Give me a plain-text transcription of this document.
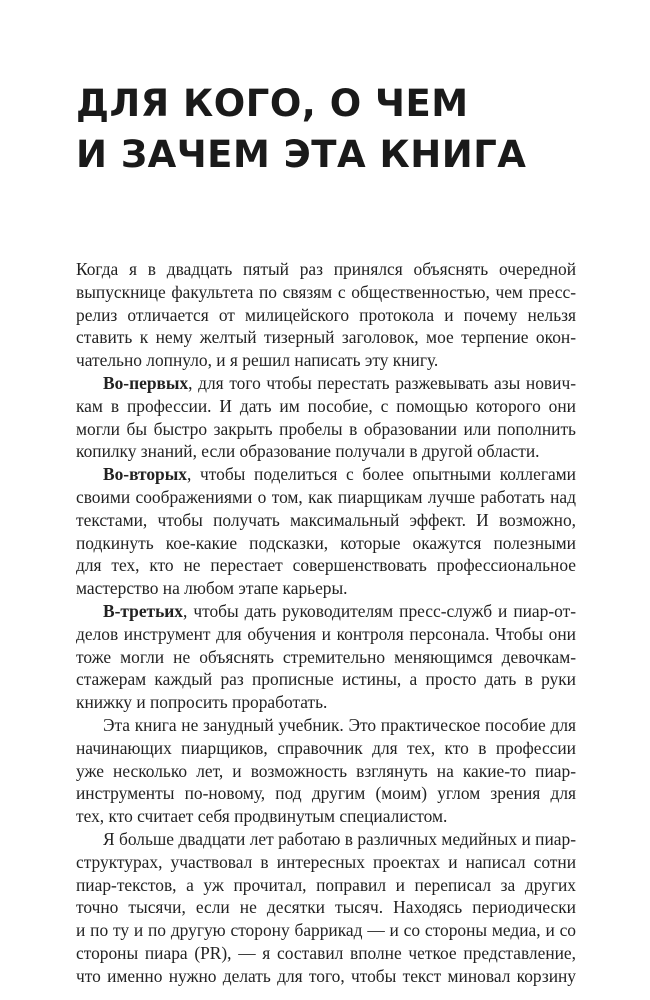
ДЛЯ КОГО, О ЧЕМ
И ЗАЧЕМ ЭТА КНИГА

Когда я в двадцать пятый раз принялся объяснять очередной
выпускнице факультета по связям с общественностью, чем пресс-
релиз отличается от милицейского протокола и почему нельзя
ставить к нему желтый тизерный заголовок, мое терпение окон-
чательно лопнуло, и я решил написать эту книгу.

Во-первых, для того чтобы перестать разжевывать азы нович-
кам в профессии. И дать им пособие, с помощью которого они
могли бы быстро закрыть пробелы в образовании или пополнить
копилку знаний, если образование получали в другой области.

Во-вторых, чтобы поделиться с более опытными коллегами
своими соображениями о том, как пиарщикам лучше работать над
текстами, чтобы получать максимальный эффект. И возможно,
подкинуть кое-какие подсказки, которые окажутся полезными
для тех, кто не перестает совершенствовать профессиональное
мастерство на любом этапе карьеры.

В-третьих, чтобы дать руководителям пресс-служб и пиар-от-
делов инструмент для обучения и контроля персонала. Чтобы они
тоже могли не объяснять стремительно меняющимся девочкам-
стажерам каждый раз прописные истины, а просто дать в руки
книжку и попросить проработать.

Эта книга не занудный учебник. Это практическое пособие для
начинающих пиарщиков, справочник для тех, кто в профессии
уже несколько лет, и возможность взглянуть на какие-то пиар-
инструменты по-новому, под другим (моим) углом зрения для
тех, кто считает себя продвинутым специалистом.

Я больше двадцати лет работаю в различных медийных и пиар-
структурах, участвовал в интересных проектах и написал сотни
пиар-текстов, а уж прочитал, поправил и переписал за других
точно тысячи, если не десятки тысяч. Находясь периодически
и по ту и по другую сторону баррикад — и со стороны медиа, и со
стороны пиара (PR), — я составил вполне четкое представление,
что именно нужно делать для того, чтобы текст миновал корзину
